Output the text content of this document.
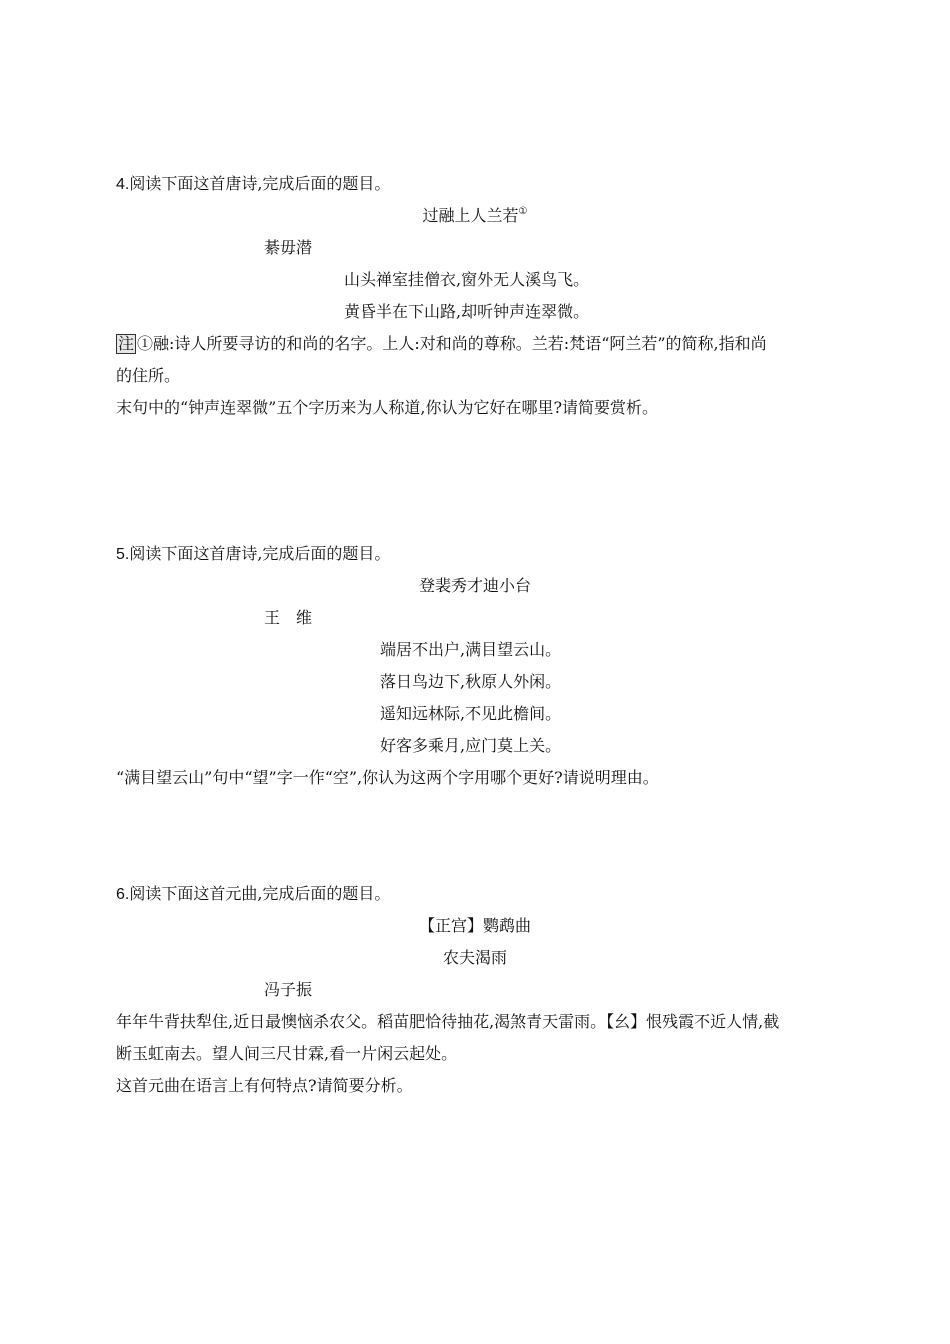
4.阅读下面这首唐诗,完成后面的题目。
过融上人兰若①
綦毋潜
山头禅室挂僧衣,窗外无人溪鸟飞。
黄昏半在下山路,却听钟声连翠微。
注 ①融:诗人所要寻访的和尚的名字。上人:对和尚的尊称。兰若:梵语“阿兰若”的简称,指和尚
的住所。
末句中的“钟声连翠微”五个字历来为人称道,你认为它好在哪里?请简要赏析。
5.阅读下面这首唐诗,完成后面的题目。
登裴秀才迪小台
王 维
端居不出户,满目望云山。
落日鸟边下,秋原人外闲。
遥知远林际,不见此檐间。
好客多乘月,应门莫上关。
“满目望云山”句中“望”字一作“空”,你认为这两个字用哪个更好?请说明理由。
6.阅读下面这首元曲,完成后面的题目。
【正宫】鹦鹉曲
农夫渴雨
冯子振
年年牛背扶犁住,近日最懊恼杀农父。稻苗肥恰待抽花,渴煞青天雷雨。【幺】恨残霞不近人情,截
断玉虹南去。望人间三尺甘霖,看一片闲云起处。
这首元曲在语言上有何特点?请简要分析。
